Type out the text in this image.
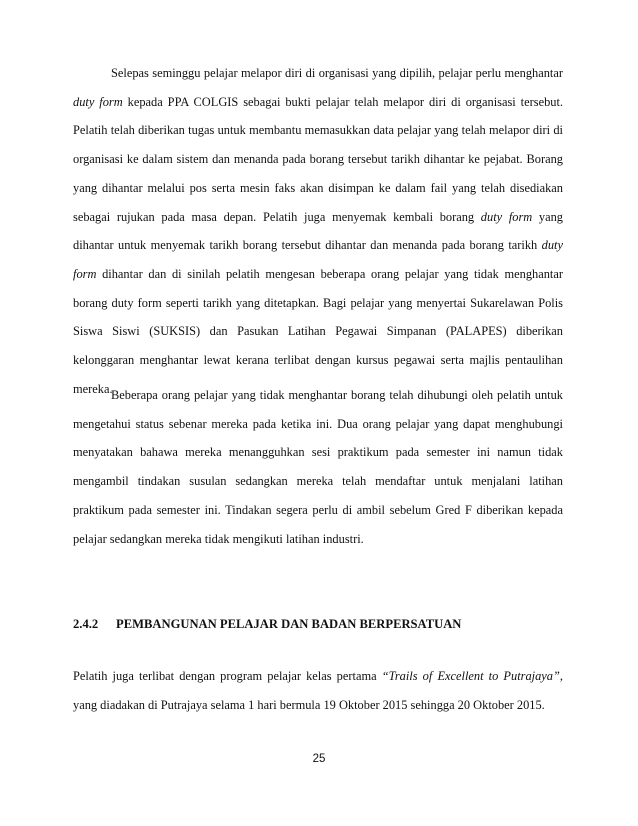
Selepas seminggu pelajar melapor diri di organisasi yang dipilih, pelajar perlu menghantar duty form kepada PPA COLGIS sebagai bukti pelajar telah melapor diri di organisasi tersebut. Pelatih telah diberikan tugas untuk membantu memasukkan data pelajar yang telah melapor diri di organisasi ke dalam sistem dan menanda pada borang tersebut tarikh dihantar ke pejabat. Borang yang dihantar melalui pos serta mesin faks akan disimpan ke dalam fail yang telah disediakan sebagai rujukan pada masa depan. Pelatih juga menyemak kembali borang duty form yang dihantar untuk menyemak tarikh borang tersebut dihantar dan menanda pada borang tarikh duty form dihantar dan di sinilah pelatih mengesan beberapa orang pelajar yang tidak menghantar borang duty form seperti tarikh yang ditetapkan. Bagi pelajar yang menyertai Sukarelawan Polis Siswa Siswi (SUKSIS) dan Pasukan Latihan Pegawai Simpanan (PALAPES) diberikan kelonggaran menghantar lewat kerana terlibat dengan kursus pegawai serta majlis pentaulihan mereka.

Beberapa orang pelajar yang tidak menghantar borang telah dihubungi oleh pelatih untuk mengetahui status sebenar mereka pada ketika ini. Dua orang pelajar yang dapat menghubungi menyatakan bahawa mereka menangguhkan sesi praktikum pada semester ini namun tidak mengambil tindakan susulan sedangkan mereka telah mendaftar untuk menjalani latihan praktikum pada semester ini. Tindakan segera perlu di ambil sebelum Gred F diberikan kepada pelajar sedangkan mereka tidak mengikuti latihan industri.

2.4.2 PEMBANGUNAN PELAJAR DAN BADAN BERPERSATUAN

Pelatih juga terlibat dengan program pelajar kelas pertama “Trails of Excellent to Putrajaya”, yang diadakan di Putrajaya selama 1 hari bermula 19 Oktober 2015 sehingga 20 Oktober 2015.

25
